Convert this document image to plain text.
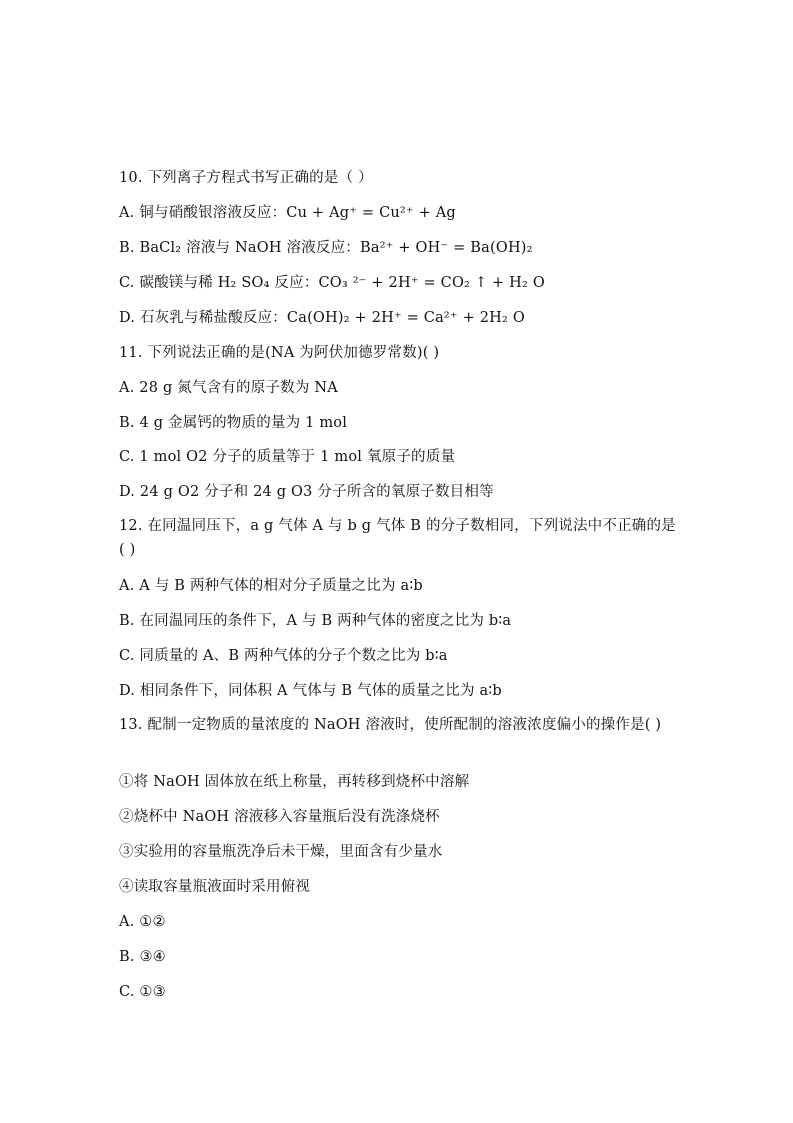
10. 下列离子方程式书写正确的是（ ）
A. 铜与硝酸银溶液反应：Cu + Ag⁺ = Cu²⁺ + Ag
B. BaCl₂ 溶液与 NaOH 溶液反应：Ba²⁺ + OH⁻ = Ba(OH)₂
C. 碳酸镁与稀 H₂ SO₄ 反应：CO₃ ²⁻ + 2H⁺ = CO₂ ↑ + H₂ O
D. 石灰乳与稀盐酸反应：Ca(OH)₂ + 2H⁺ = Ca²⁺ + 2H₂ O
11. 下列说法正确的是(NA 为阿伏加德罗常数)( )
A. 28 g 氮气含有的原子数为 NA
B. 4 g 金属钙的物质的量为 1 mol
C. 1 mol O2 分子的质量等于 1 mol 氧原子的质量
D. 24 g O2 分子和 24 g O3 分子所含的氧原子数目相等
12. 在同温同压下，a g 气体 A 与 b g 气体 B 的分子数相同，下列说法中不正确的是( )
A. A 与 B 两种气体的相对分子质量之比为 a∶b
B. 在同温同压的条件下，A 与 B 两种气体的密度之比为 b∶a
C. 同质量的 A、B 两种气体的分子个数之比为 b∶a
D. 相同条件下，同体积 A 气体与 B 气体的质量之比为 a∶b
13. 配制一定物质的量浓度的 NaOH 溶液时，使所配制的溶液浓度偏小的操作是( )
①将 NaOH 固体放在纸上称量，再转移到烧杯中溶解
②烧杯中 NaOH 溶液移入容量瓶后没有洗涤烧杯
③实验用的容量瓶洗净后未干燥，里面含有少量水
④读取容量瓶液面时采用俯视
A. ①②
B. ③④
C. ①③
